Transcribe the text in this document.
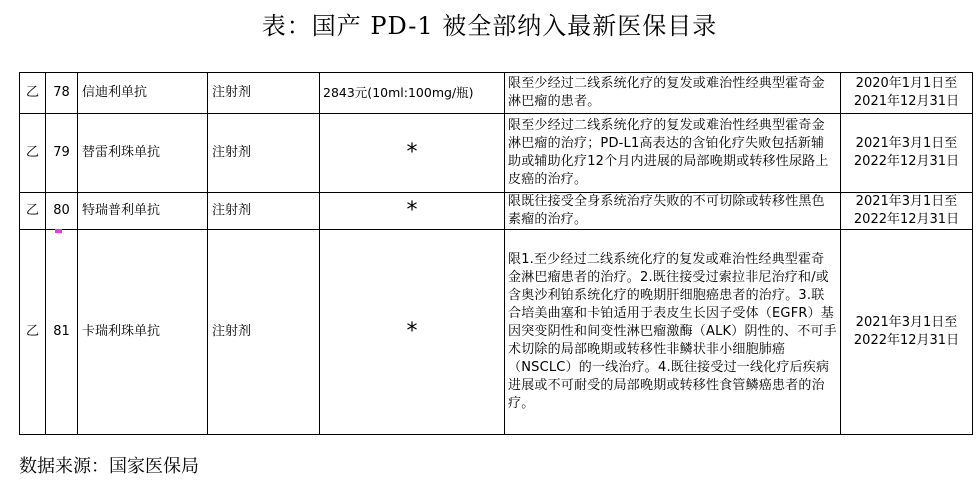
表：国产 PD-1 被全部纳入最新医保目录
乙	78	信迪利单抗	注射剂	2843元(10ml:100mg/瓶)	限至少经过二线系统化疗的复发或难治性经典型霍奇金淋巴瘤的患者。	2020年1月1日至
2021年12月31日
乙	79	替雷利珠单抗	注射剂	*	限至少经过二线系统化疗的复发或难治性经典型霍奇金淋巴瘤的治疗；PD-L1高表达的含铂化疗失败包括新辅助或辅助化疗12个月内进展的局部晚期或转移性尿路上皮癌的治疗。	2021年3月1日至
2022年12月31日
乙	80	特瑞普利单抗	注射剂	*	限既往接受全身系统治疗失败的不可切除或转移性黑色素瘤的治疗。	2021年3月1日至
2022年12月31日
乙	81	卡瑞利珠单抗	注射剂	*	限1.至少经过二线系统化疗的复发或难治性经典型霍奇金淋巴瘤患者的治疗。2.既往接受过索拉非尼治疗和/或含奥沙利铂系统化疗的晚期肝细胞癌患者的治疗。3.联合培美曲塞和卡铂适用于表皮生长因子受体（EGFR）基因突变阴性和间变性淋巴瘤激酶（ALK）阴性的、不可手术切除的局部晚期或转移性非鳞状非小细胞肺癌（NSCLC）的一线治疗。4.既往接受过一线化疗后疾病进展或不可耐受的局部晚期或转移性食管鳞癌患者的治疗。	2021年3月1日至
2022年12月31日
数据来源：国家医保局
